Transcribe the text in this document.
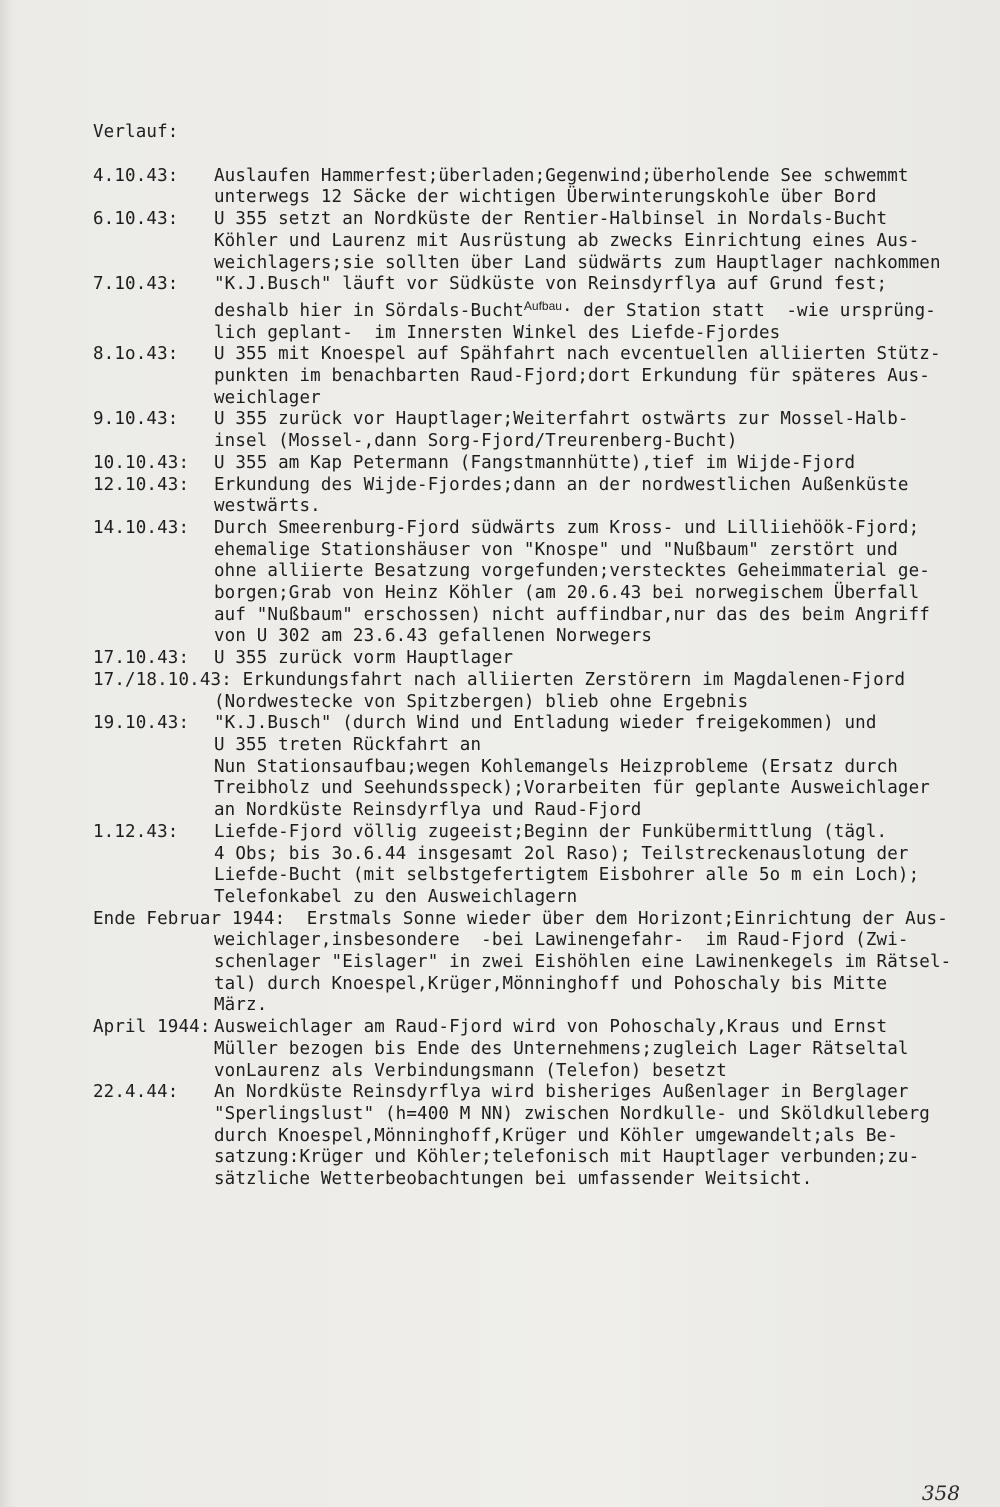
Verlauf:
4.10.43:	Auslaufen Hammerfest;überladen;Gegenwind;überholende See schwemmt
unterwegs 12 Säcke der wichtigen Überwinterungskohle über Bord
6.10.43:	U 355 setzt an Nordküste der Rentier-Halbinsel in Nordals-Bucht
Köhler und Laurenz mit Ausrüstung ab zwecks Einrichtung eines Aus-
weichlagers;sie sollten über Land südwärts zum Hauptlager nachkommen
7.10.43:	"K.J.Busch" läuft vor Südküste von Reinsdyrflya auf Grund fest;
deshalb hier in Sördals-Bucht$^{Aufbau}$· der Station statt  -wie ursprüng-
lich geplant-  im Innersten Winkel des Liefde-Fjordes
8.1o.43:	U 355 mit Knoespel auf Spähfahrt nach evcentuellen alliierten Stütz-
punkten im benachbarten Raud-Fjord;dort Erkundung für späteres Aus-
weichlager
9.10.43:	U 355 zurück vor Hauptlager;Weiterfahrt ostwärts zur Mossel-Halb-
insel (Mossel-,dann Sorg-Fjord/Treurenberg-Bucht)
10.10.43:	U 355 am Kap Petermann (Fangstmannhütte),tief im Wijde-Fjord
12.10.43:	Erkundung des Wijde-Fjordes;dann an der nordwestlichen Außenküste
westwärts.
14.10.43:	Durch Smeerenburg-Fjord südwärts zum Kross- und Lilliiehöök-Fjord;
ehemalige Stationshäuser von "Knospe" und "Nußbaum" zerstört und
ohne alliierte Besatzung vorgefunden;verstecktes Geheimmaterial ge-
borgen;Grab von Heinz Köhler (am 20.6.43 bei norwegischem Überfall
auf "Nußbaum" erschossen) nicht auffindbar,nur das des beim Angriff
von U 302 am 23.6.43 gefallenen Norwegers
17.10.43:	U 355 zurück vorm Hauptlager
17./18.10.43: Erkundungsfahrt nach alliierten Zerstörern im Magdalenen-Fjord
(Nordwestecke von Spitzbergen) blieb ohne Ergebnis
19.10.43:	"K.J.Busch" (durch Wind und Entladung wieder freigekommen) und
U 355 treten Rückfahrt an
Nun Stationsaufbau;wegen Kohlemangels Heizprobleme (Ersatz durch
Treibholz und Seehundsspeck);Vorarbeiten für geplante Ausweichlager
an Nordküste Reinsdyrflya und Raud-Fjord
1.12.43:	Liefde-Fjord völlig zugeeist;Beginn der Funkübermittlung (tägl.
4 Obs; bis 3o.6.44 insgesamt 2ol Raso); Teilstreckenauslotung der
Liefde-Bucht (mit selbstgefertigtem Eisbohrer alle 5o m ein Loch);
Telefonkabel zu den Ausweichlagern
Ende Februar 1944:  Erstmals Sonne wieder über dem Horizont;Einrichtung der Aus-
weichlager,insbesondere  -bei Lawinengefahr-  im Raud-Fjord (Zwi-
schenlager "Eislager" in zwei Eishöhlen eine Lawinenkegels im Rätsel-
tal) durch Knoespel,Krüger,Mönninghoff und Pohoschaly bis Mitte
März.
April 1944: Ausweichlager am Raud-Fjord wird von Pohoschaly,Kraus und Ernst
Müller bezogen bis Ende des Unternehmens;zugleich Lager Rätseltal
vonLaurenz als Verbindungsmann (Telefon) besetzt
22.4.44:	An Nordküste Reinsdyrflya wird bisheriges Außenlager in Berglager
"Sperlingslust" (h=400 M NN) zwischen Nordkulle- und Sköldkulleberg
durch Knoespel,Mönninghoff,Krüger und Köhler umgewandelt;als Be-
satzung:Krüger und Köhler;telefonisch mit Hauptlager verbunden;zu-
sätzliche Wetterbeobachtungen bei umfassender Weitsicht.
358
